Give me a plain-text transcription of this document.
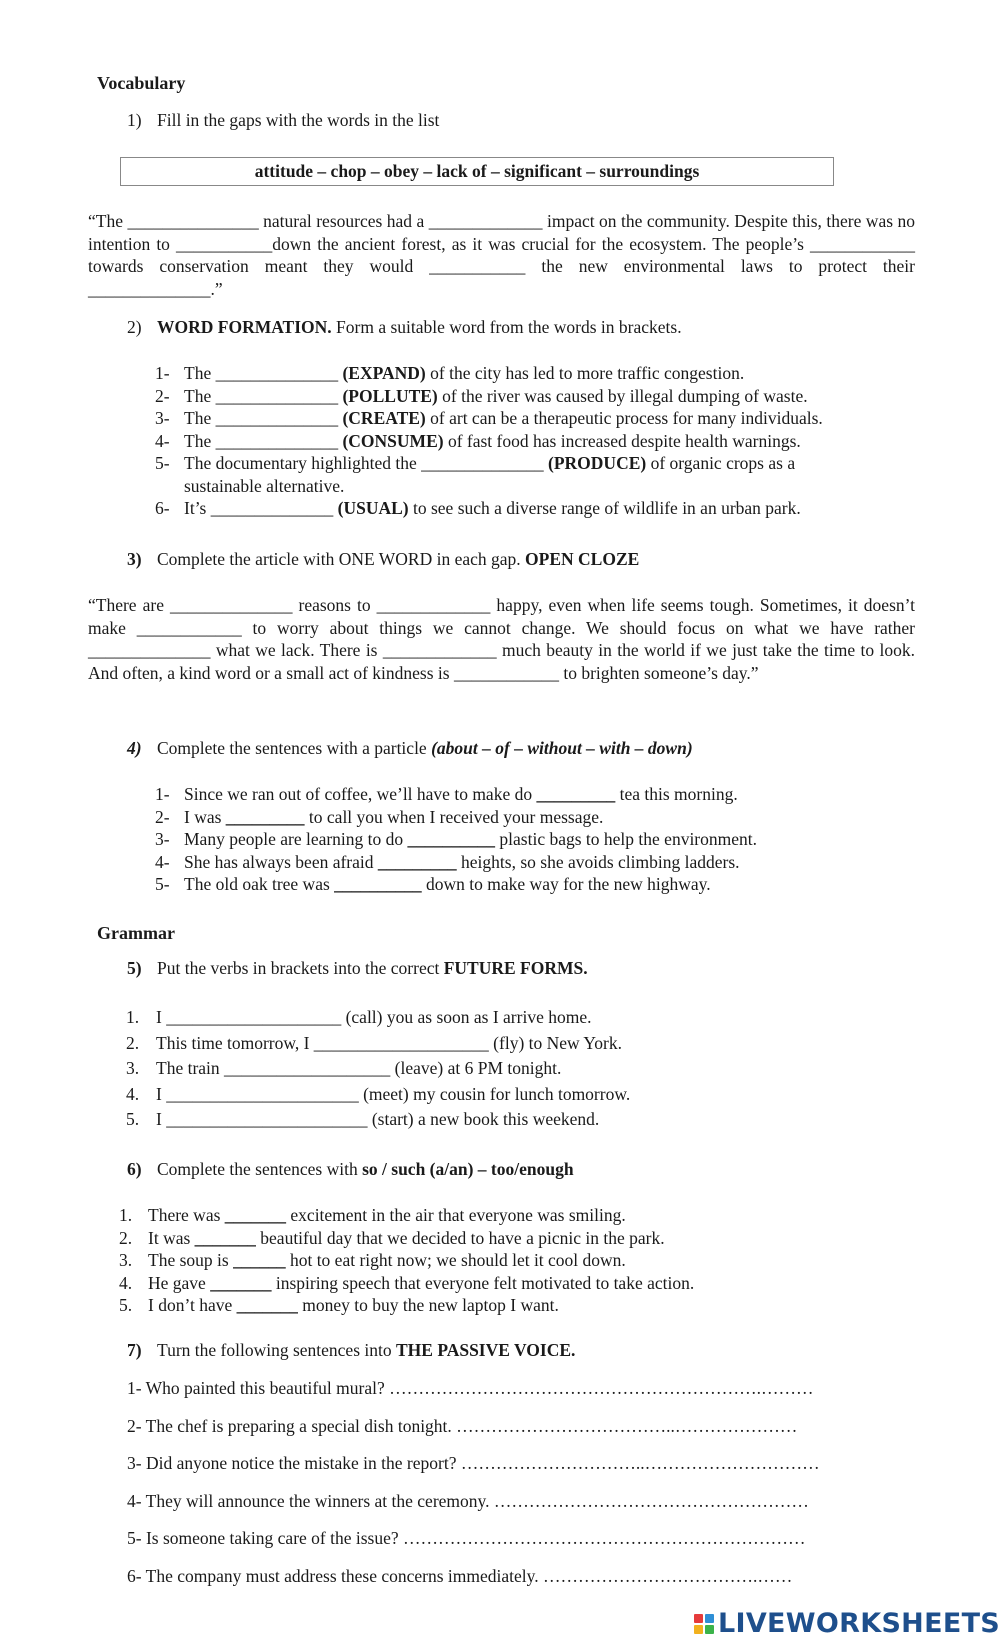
Vocabulary
1) Fill in the gaps with the words in the list
attitude – chop – obey – lack of – significant – surroundings

“The _______________ natural resources had a _____________ impact on the community. Despite this, there was no intention to ___________down the ancient forest, as it was crucial for the ecosystem. The people’s ____________ towards conservation meant they would ___________ the new environmental laws to protect their ______________.”

2) WORD FORMATION. Form a suitable word from the words in brackets.
1- The ______________ (EXPAND) of the city has led to more traffic congestion.
2- The ______________ (POLLUTE) of the river was caused by illegal dumping of waste.
3- The ______________ (CREATE) of art can be a therapeutic process for many individuals.
4- The ______________ (CONSUME) of fast food has increased despite health warnings.
5- The documentary highlighted the ______________ (PRODUCE) of organic crops as a sustainable alternative.
6- It’s ______________ (USUAL) to see such a diverse range of wildlife in an urban park.
3) Complete the article with ONE WORD in each gap. OPEN CLOZE

“There are ______________ reasons to _____________ happy, even when life seems tough. Sometimes, it doesn’t make ____________ to worry about things we cannot change. We should focus on what we have rather ______________ what we lack. There is _____________ much beauty in the world if we just take the time to look. And often, a kind word or a small act of kindness is ____________ to brighten someone’s day.”

4) Complete the sentences with a particle (about – of – without – with – down)
1- Since we ran out of coffee, we’ll have to make do _________ tea this morning.
2- I was _________ to call you when I received your message.
3- Many people are learning to do __________ plastic bags to help the environment.
4- She has always been afraid _________ heights, so she avoids climbing ladders.
5- The old oak tree was __________ down to make way for the new highway.
Grammar
5) Put the verbs in brackets into the correct FUTURE FORMS.
1. I ____________________ (call) you as soon as I arrive home.
2. This time tomorrow, I ____________________ (fly) to New York.
3. The train ___________________ (leave) at 6 PM tonight.
4. I ______________________ (meet) my cousin for lunch tomorrow.
5. I _______________________ (start) a new book this weekend.
6) Complete the sentences with so / such (a/an) – too/enough
1. There was _______ excitement in the air that everyone was smiling.
2. It was _______ beautiful day that we decided to have a picnic in the park.
3. The soup is ______ hot to eat right now; we should let it cool down.
4. He gave _______ inspiring speech that everyone felt motivated to take action.
5. I don’t have _______ money to buy the new laptop I want.
7) Turn the following sentences into THE PASSIVE VOICE.
1- Who painted this beautiful mural? ……………………………………………………….………
2- The chef is preparing a special dish tonight. ………………………………..…………………
3- Did anyone notice the mistake in the report? …………………………..…………………………
4- They will announce the winners at the ceremony. ………………………………………………
5- Is someone taking care of the issue? ……………………………………………………………
6- The company must address these concerns immediately. ……………………………….……
LIVEWORKSHEETS
